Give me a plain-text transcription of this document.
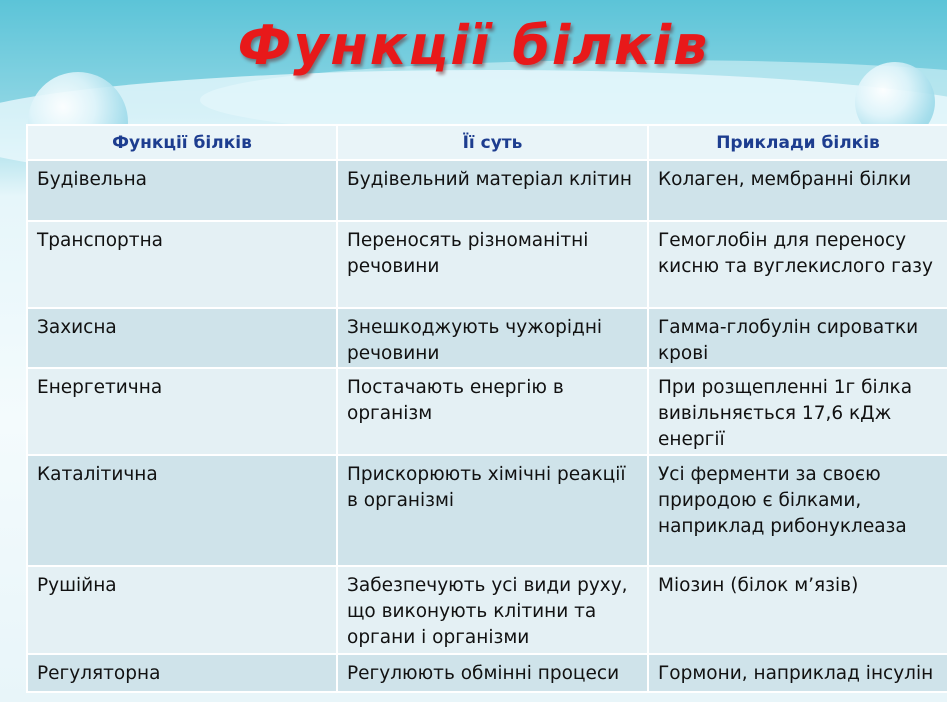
Функції білків
Функції білків	Її суть	Приклади білків
Будівельна	Будівельний матеріал клітин	Колаген, мембранні білки
Транспортна	Переносять різноманітні речовини	Гемоглобін для переносу кисню та вуглекислого газу
Захисна	Знешкоджують чужорідні речовини	Гамма-глобулін сироватки крові
Енергетична	Постачають енергію в організм	При розщепленні 1г білка вивільняється 17,6 кДж енергії
Каталітична	Прискорюють хімічні реакції в організмі	Усі ферменти за своєю природою є білками, наприклад рибонуклеаза
Рушійна	Забезпечують усі види руху, що виконують клітини та органи і організми	Міозин (білок м’язів)
Регуляторна	Регулюють обмінні процеси	Гормони, наприклад інсулін
